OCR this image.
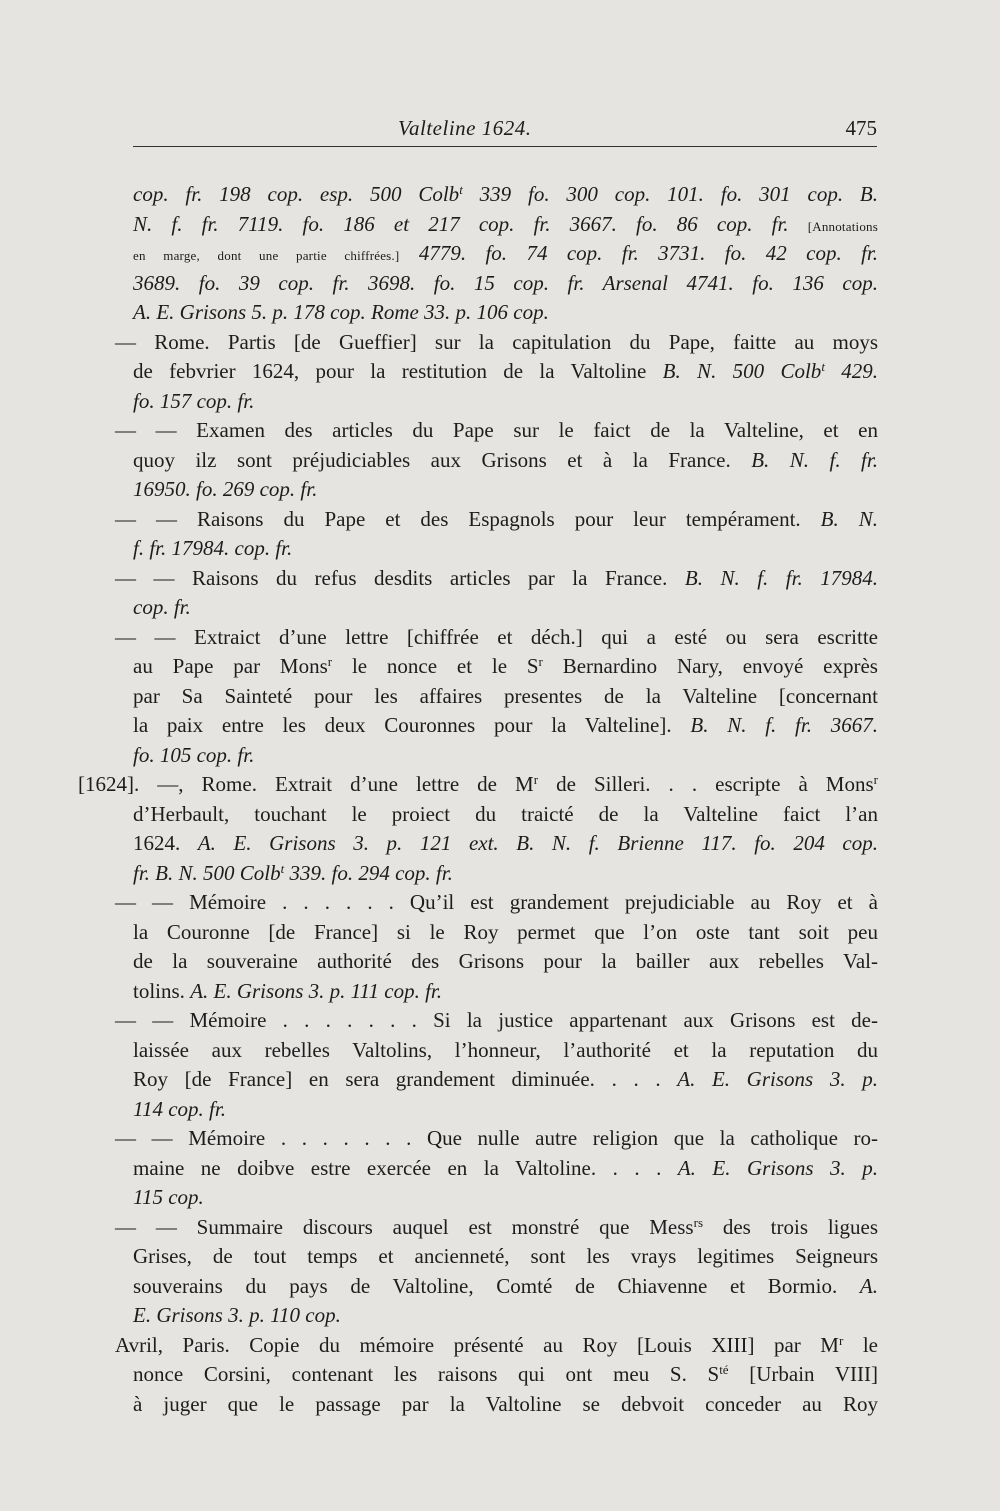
Valteline 1624.	475
cop. fr. 198 cop. esp. 500 Colb$^t$ 339 fo. 300 cop. 101. fo. 301 cop. B.
N. f. fr. 7119. fo. 186 et 217 cop. fr. 3667. fo. 86 cop. fr. [Annotations
en marge, dont une partie chiffrées.] 4779. fo. 74 cop. fr. 3731. fo. 42 cop. fr.
3689. fo. 39 cop. fr. 3698. fo. 15 cop. fr. Arsenal 4741. fo. 136 cop.
A. E. Grisons 5. p. 178 cop. Rome 33. p. 106 cop.
— Rome. Partis [de Gueffier] sur la capitulation du Pape, faitte au moys
de febvrier 1624, pour la restitution de la Valtoline B. N. 500 Colb$^t$ 429.
fo. 157 cop. fr.
— — Examen des articles du Pape sur le faict de la Valteline, et en
quoy ilz sont préjudiciables aux Grisons et à la France. B. N. f. fr.
16950. fo. 269 cop. fr.
— — Raisons du Pape et des Espagnols pour leur tempérament. B. N.
f. fr. 17984. cop. fr.
— — Raisons du refus desdits articles par la France. B. N. f. fr. 17984.
cop. fr.
— — Extraict d’une lettre [chiffrée et déch.] qui a esté ou sera escritte
au Pape par Mons$^r$ le nonce et le $S^r$ Bernardino Nary, envoyé exprès
par Sa Sainteté pour les affaires presentes de la Valteline [concernant
la paix entre les deux Couronnes pour la Valteline]. B. N. f. fr. 3667.
fo. 105 cop. fr.
[1624]. —, Rome. Extrait d’une lettre de $M^r$ de Silleri. . . escripte à Mons$^r$
d’Herbault, touchant le proiect du traicté de la Valteline faict l’an
1624. A. E. Grisons 3. p. 121 ext. B. N. f. Brienne 117. fo. 204 cop.
fr. B. N. 500 Colb$^t$ 339. fo. 294 cop. fr.
— — Mémoire . . . . . . Qu’il est grandement prejudiciable au Roy et à
la Couronne [de France] si le Roy permet que l’on oste tant soit peu
de la souveraine authorité des Grisons pour la bailler aux rebelles Val-
tolins. A. E. Grisons 3. p. 111 cop. fr.
— — Mémoire . . . . . . . Si la justice appartenant aux Grisons est de-
laissée aux rebelles Valtolins, l’honneur, l’authorité et la reputation du
Roy [de France] en sera grandement diminuée. . . . A. E. Grisons 3. p.
114 cop. fr.
— — Mémoire . . . . . . . Que nulle autre religion que la catholique ro-
maine ne doibve estre exercée en la Valtoline. . . . A. E. Grisons 3. p.
115 cop.
— — Summaire discours auquel est monstré que Mess$^{rs}$ des trois ligues
Grises, de tout temps et ancienneté, sont les vrays legitimes Seigneurs
souverains du pays de Valtoline, Comté de Chiavenne et Bormio. A.
E. Grisons 3. p. 110 cop.
Avril, Paris. Copie du mémoire présenté au Roy [Louis XIII] par $M^r$ le
nonce Corsini, contenant les raisons qui ont meu S. $S^{té}$ [Urbain VIII]
à juger que le passage par la Valtoline se debvoit conceder au Roy
